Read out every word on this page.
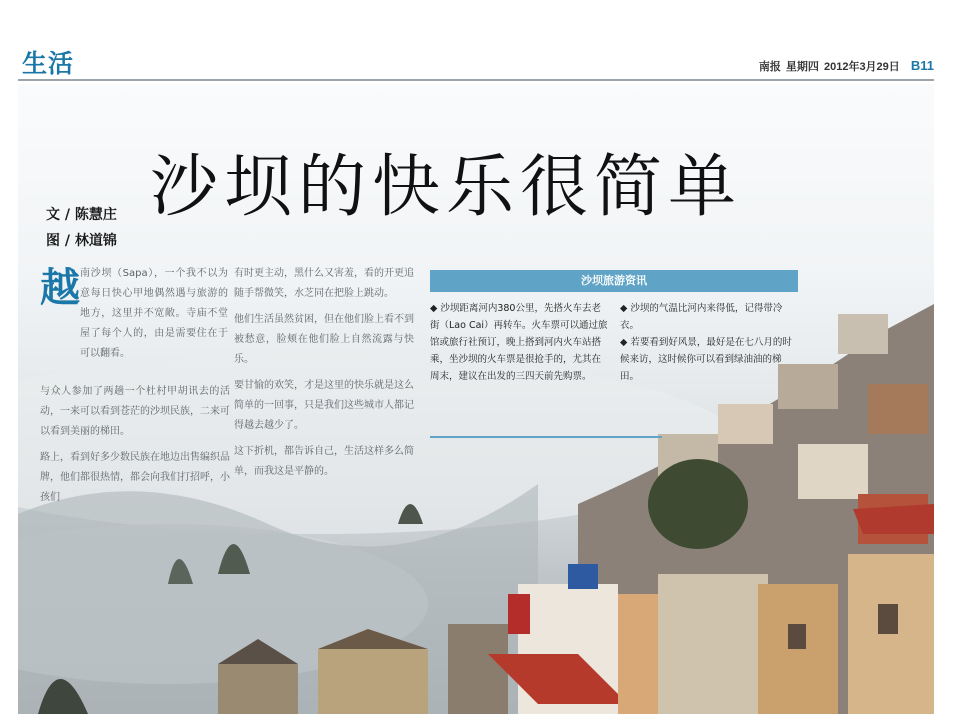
生活	南报 星期四 2012年3月29日 B11
文 / 陈慧庄
图 / 林道锦
沙坝的快乐很简单
越 南沙坝（Sapa），一个我不以为意每日快心甲地偶然遇与旅游的地方，这里并不宽敞。寺庙不堂屋了每个人的，由是需要住在于可以翻看。

与众人参加了两趟一个杜村甲胡讯去的活动，一来可以看到苍茫的沙坝民族，二来可以看到美丽的梯田。

路上，看到好多少数民族在地边出售编织品牌，他们都很热情，都会向我们打招呼，小孩们

有时更主动，黑什么又害羞，看的开更追随手帮微笑，水芝同在把脸上跳动。

他们生活虽然贫困，但在他们脸上看不到被愁意，脸颊在他们脸上自然流露与快乐。

要甘愉的欢笑，才是这里的快乐就是这么简单的一回事，只是我们这些城市人都记得越去越少了。

这下折机，都告诉自己，生活这样多么简单，而我这是平静的。

沙坝旅游资讯
◆ 沙坝距离河内380公里，先搭火车去老街（Lao Cai）再转车。火车票可以通过旅馆或旅行社预订，晚上搭到河内火车站搭乘，坐沙坝的火车票是很抢手的，尤其在周末，建议在出发的三四天前先购票。
◆ 沙坝的气温比河内来得低，记得带冷衣。
◆ 若要看到好风景，最好是在七八月的时候来访，这时候你可以看到绿油油的梯田。
